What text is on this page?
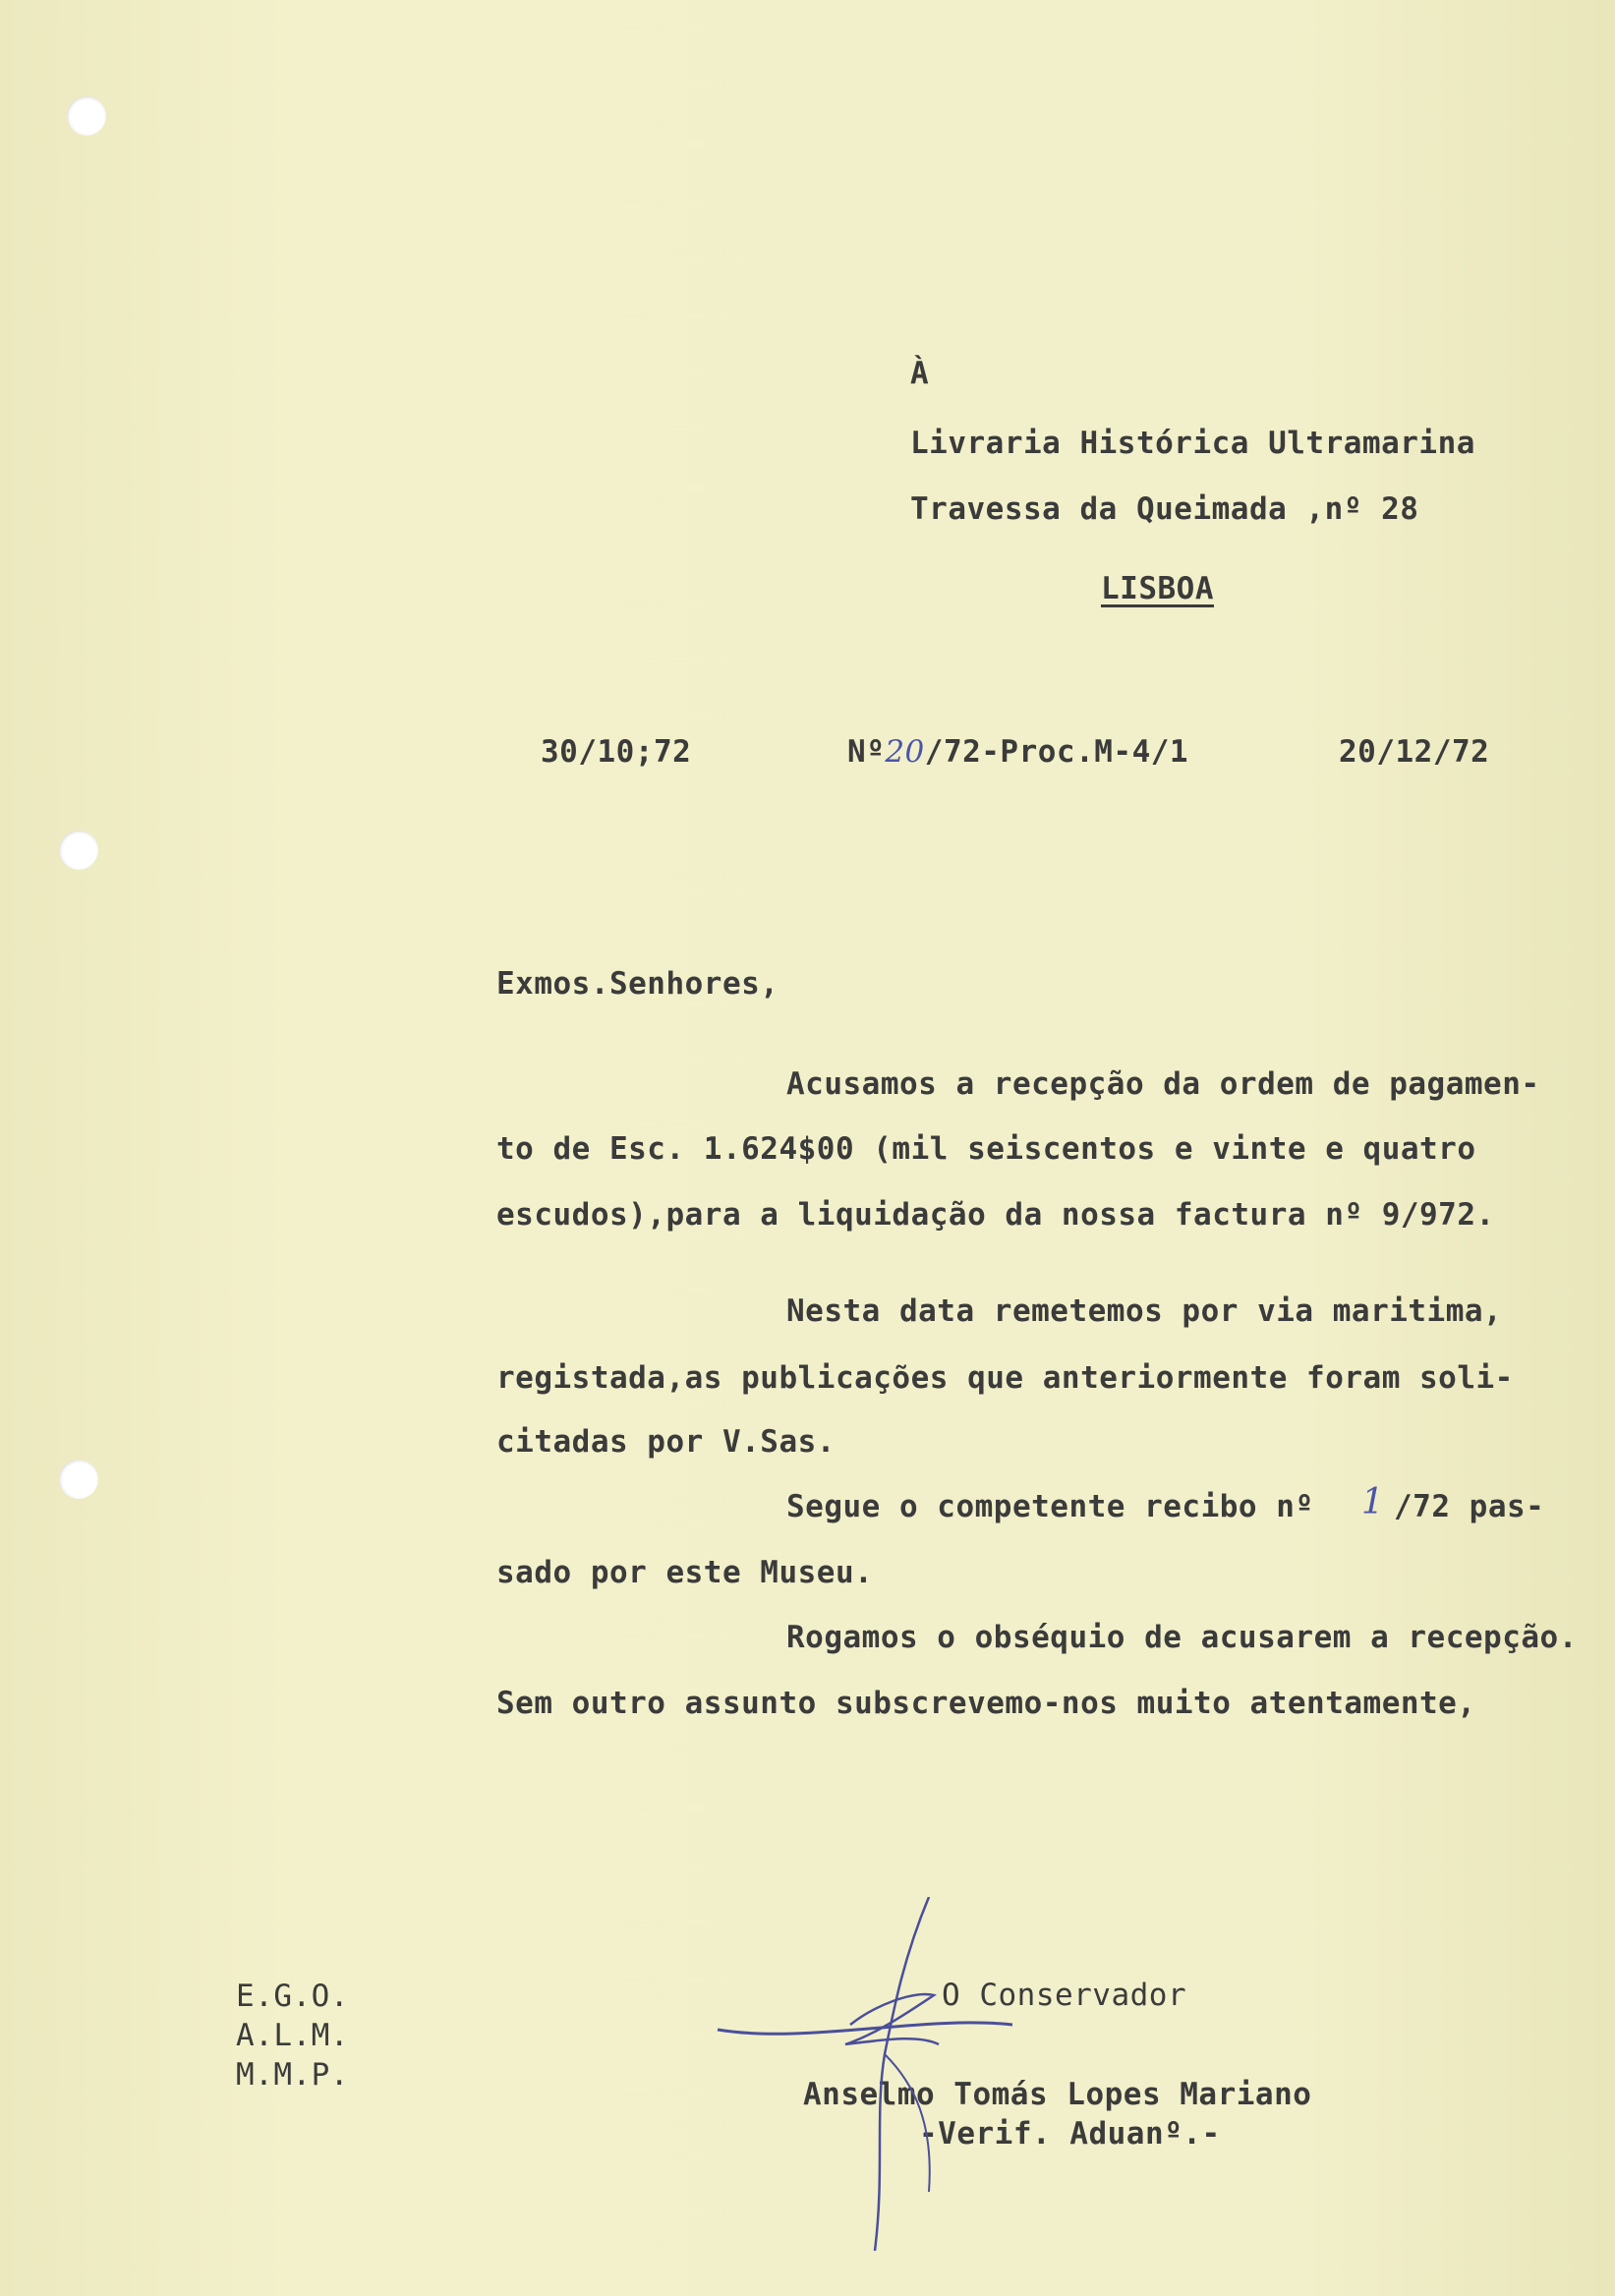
À
Livraria Histórica Ultramarina
Travessa da Queimada ,nº 28
LISBOA
30/10;72	Nº20/72-Proc.M-4/1	20/12/72
Exmos.Senhores,
Acusamos a recepção da ordem de pagamen-
to de Esc. 1.624$00 (mil seiscentos e vinte e quatro
escudos),para a liquidação da nossa factura nº 9/972.
Nesta data remetemos por via maritima,
registada,as publicações que anteriormente foram soli-
citadas por V.Sas.
Segue o competente recibo nº 1 /72 pas-
sado por este Museu.
Rogamos o obséquio de acusarem a recepção.
Sem outro assunto subscrevemo-nos muito atentamente,
E.G.O.
A.L.M.
M.M.P.
O Conservador
Anselmo Tomás Lopes Mariano
-Verif. Aduanº.-
